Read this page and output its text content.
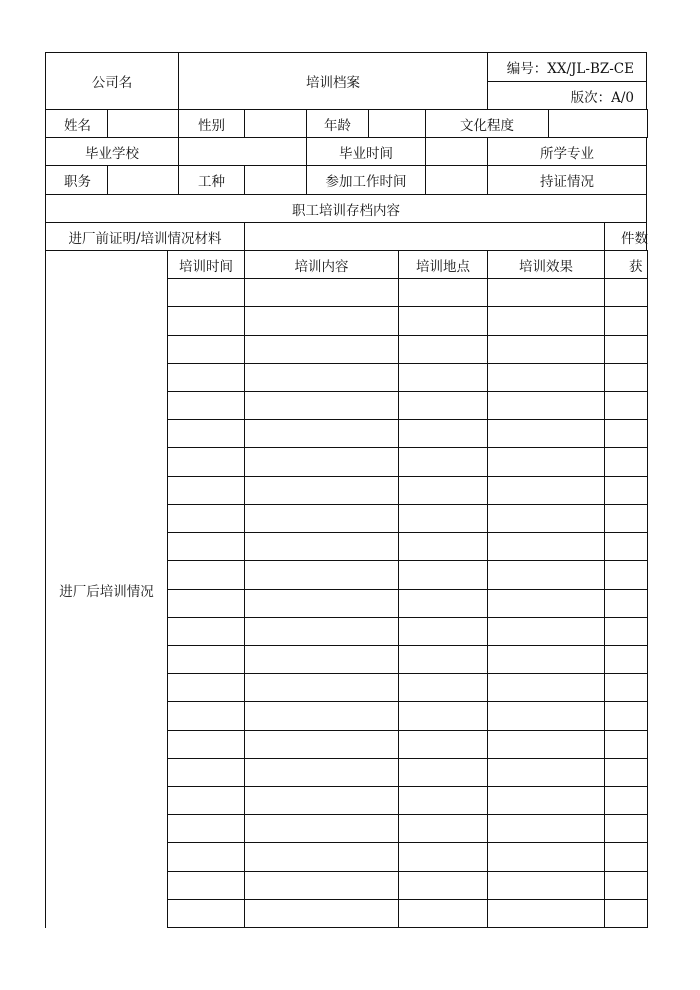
公司名	培训档案
编号：XX/JL-BZ-CE
版次：A/0
姓名	性别	年龄	文化程度
毕业学校	毕业时间	所学专业
职务	工种	参加工作时间	持证情况
职工培训存档内容
进厂前证明/培训情况材料	件数
进厂后培训情况
培训时间	培训内容	培训地点	培训效果	获
